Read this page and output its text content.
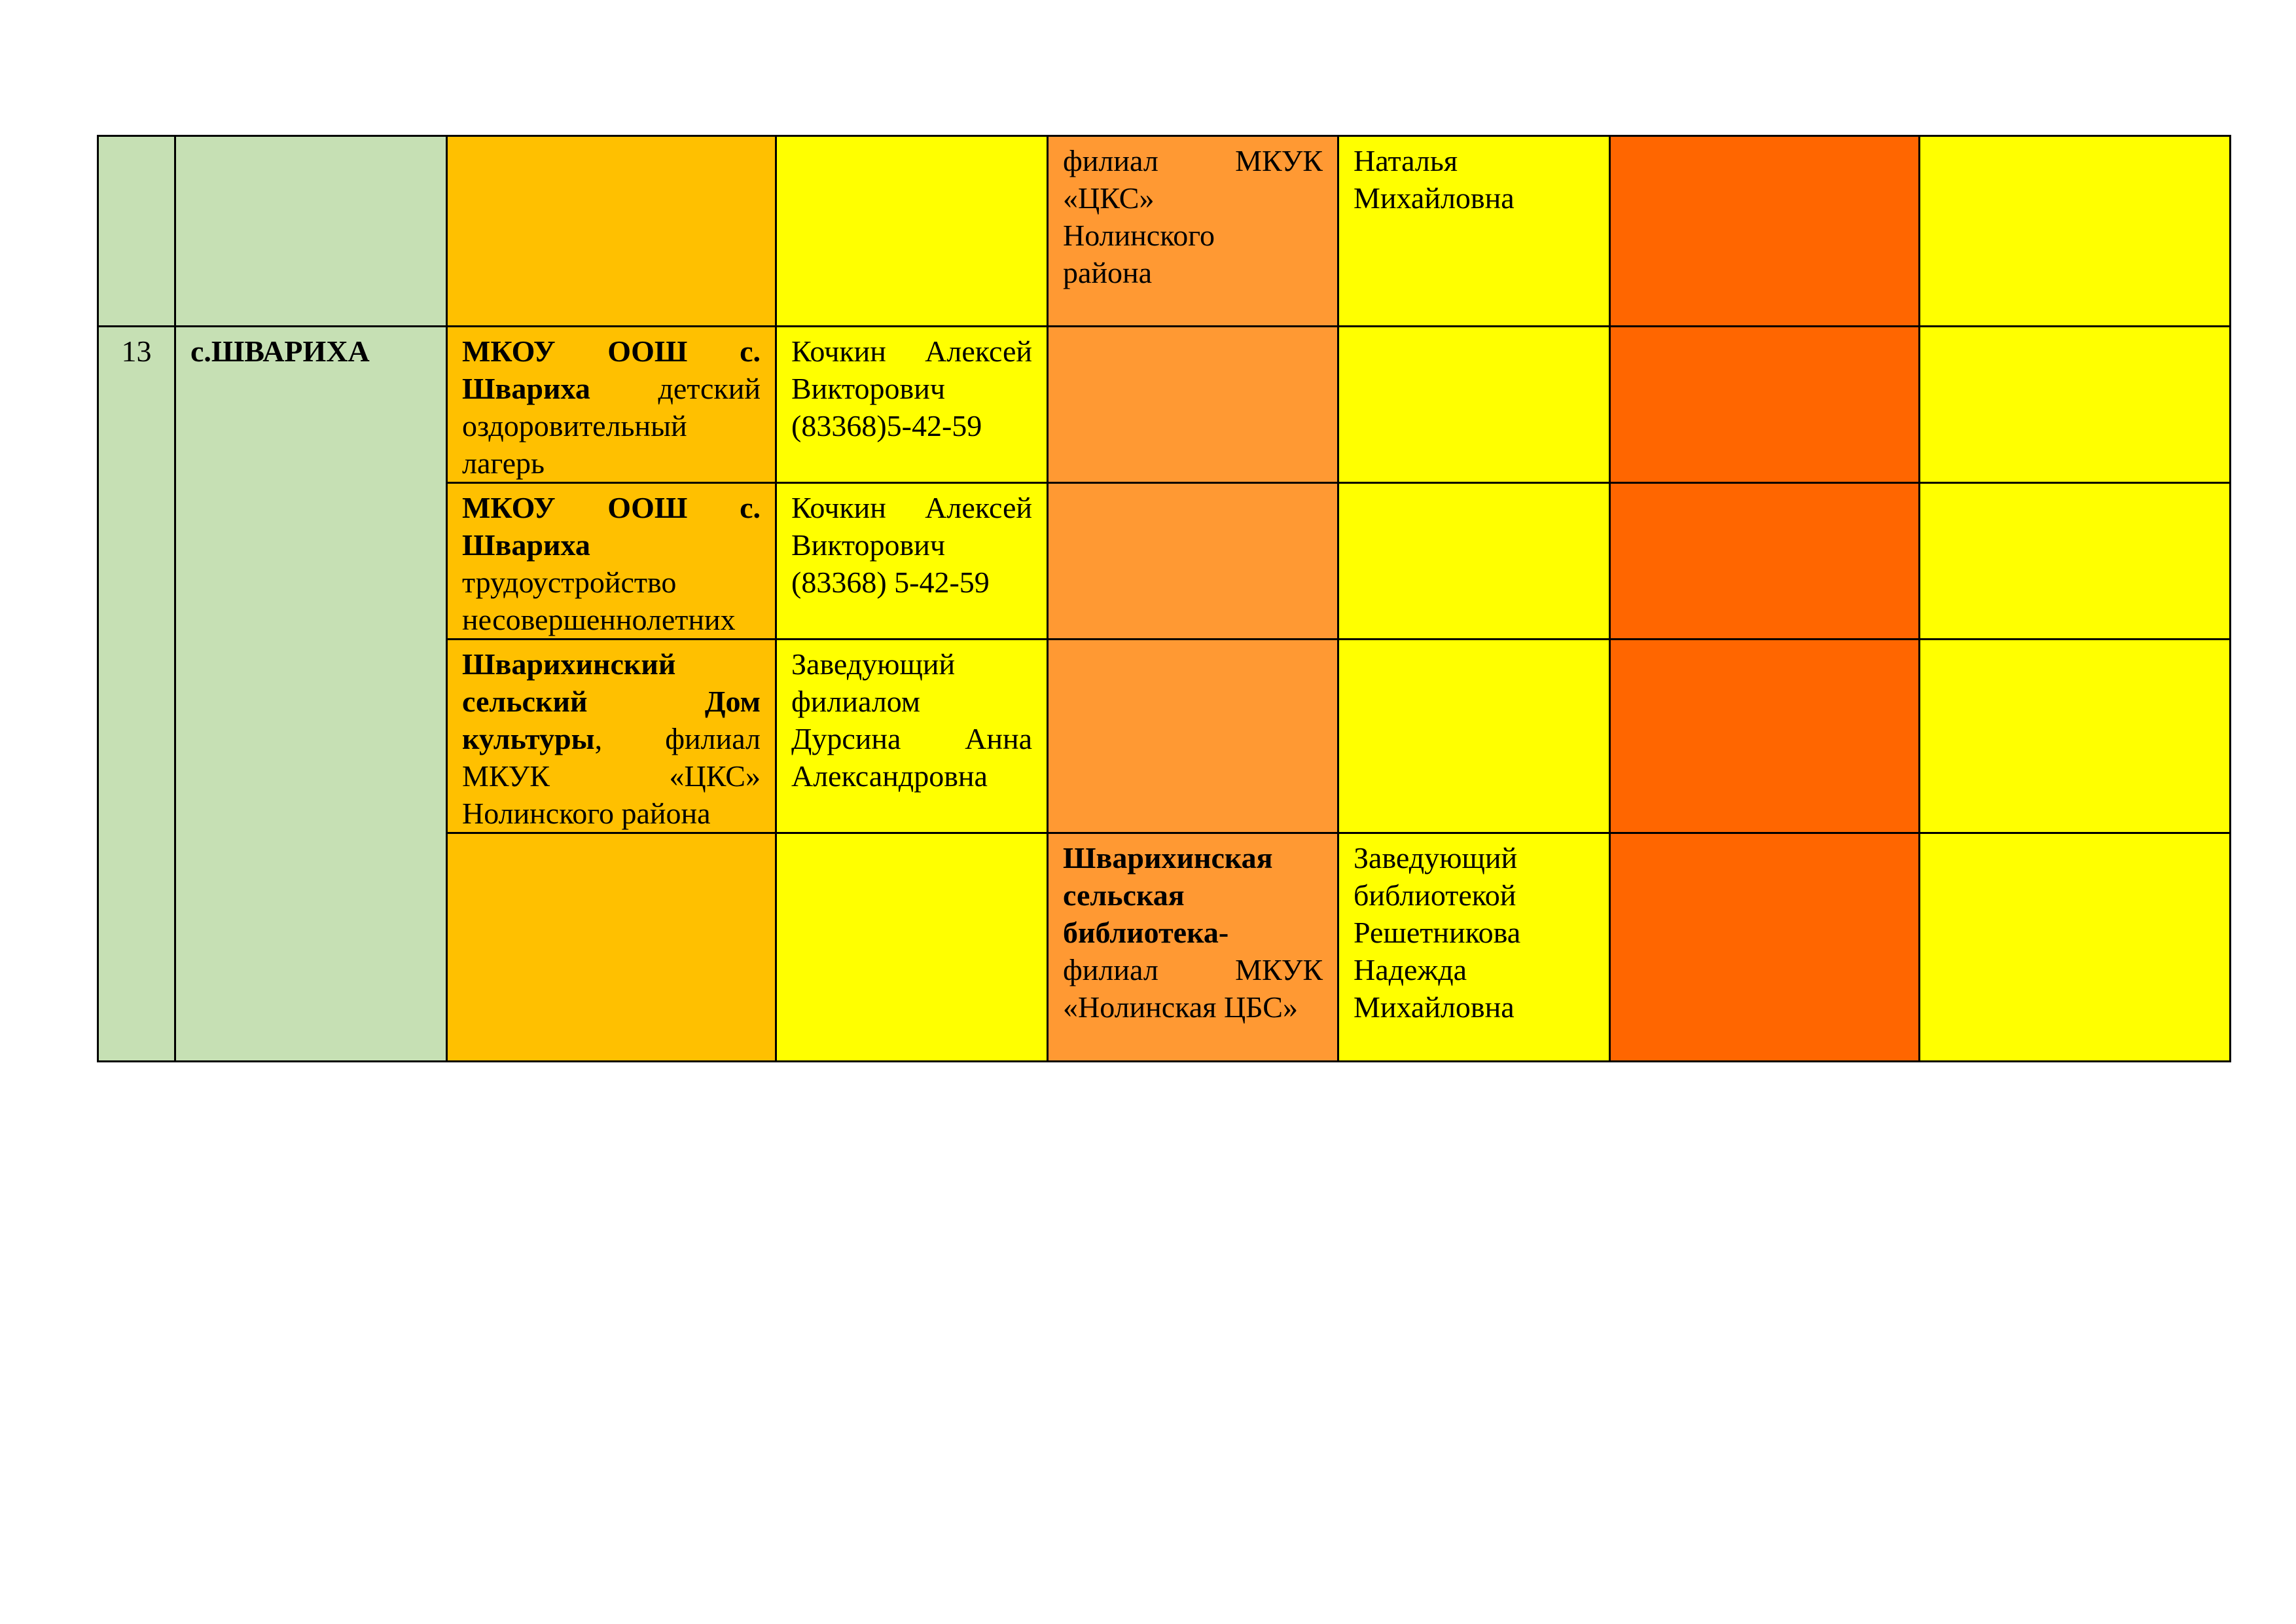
				филиал МКУК
«ЦКС»
Нолинского
района	Наталья
Михайловна		

13	с.ШВАРИХА	МКОУ ООШ с. Швариха детский оздоровительный лагерь	Кочкин Алексей Викторович (83368)5-42-59				
		МКОУ ООШ с. Швариха трудоустройство несовершеннолетних	Кочкин Алексей Викторович (83368) 5-42-59				
		Шварихинский сельский Дом культуры, филиал МКУК «ЦКС» Нолинского района	Заведующий филиалом Дурсина Анна Александровна				
				Шварихинская сельская библиотека- филиал МКУК «Нолинская ЦБС»	Заведующий библиотекой Решетникова Надежда Михайловна		
